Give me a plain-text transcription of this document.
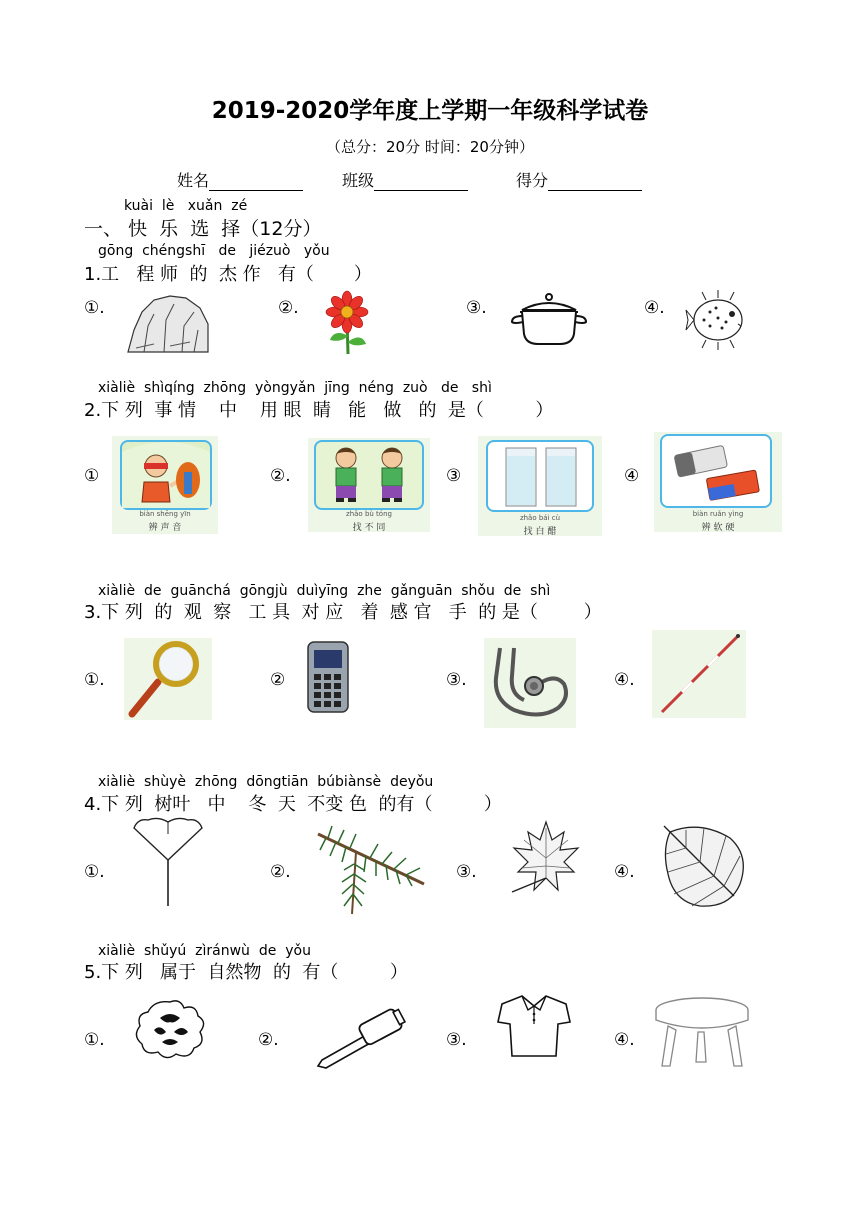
2019-2020学年度上学期一年级科学试卷
（总分：20分 时间：20分钟）
姓名	班级	得分
kuài  lè   xuǎn  zé
一、 快  乐  选  择（12分）
gōng  chéngshī   de   jiézuò   yǒu
1.工   程 师  的  杰 作   有（       ）
①.	②.	③.	④.
xiàliè  shìqíng  zhōng  yòngyǎn  jīng  néng  zuò   de   shì
2.下 列  事 情    中    用 眼  睛   能   做   的  是（         ）
①	②.	③	④
biàn shēng yīn
辨 声 音
zhǎo bù tóng
找 不 同
zhǎo bái cù
找 白 醋
biàn ruǎn yìng
辨 软 硬
xiàliè  de  guānchá  gōngjù  duìyīng  zhe  gǎnguān  shǒu  de  shì
3.下 列  的  观  察   工 具  对 应   着  感 官   手  的 是（        ）
①.	②	③.	④.
xiàliè  shùyè  zhōng  dōngtiān  búbiànsè  deyǒu
4.下 列  树叶   中    冬  天  不变 色  的有（         ）
①.	②.	③.	④.
xiàliè  shǔyú  zìránwù  de  yǒu
5.下 列   属于  自然物  的  有（         ）
①.	②.	③.	④.
